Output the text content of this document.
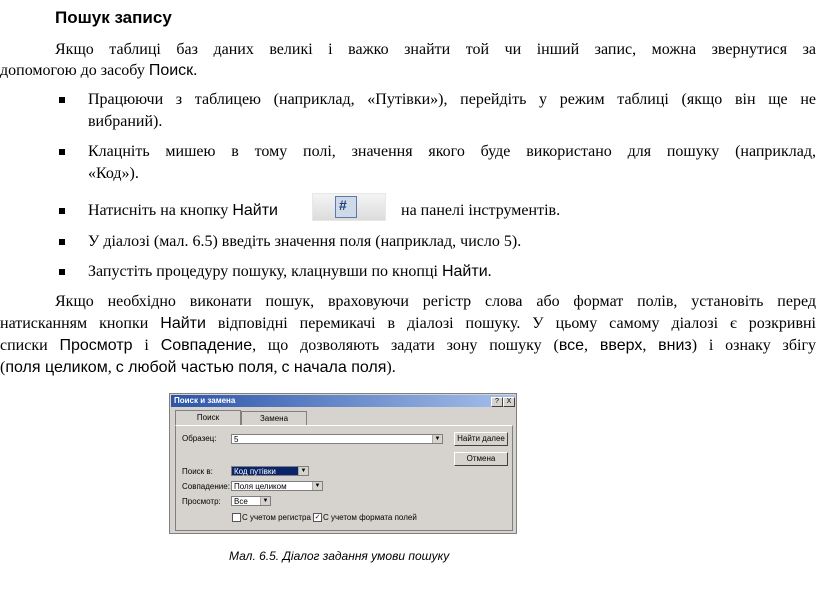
Пошук запису
Якщо таблиці баз даних великі і важко знайти той чи інший запис, можна звернутися за
допомогою до засобу Поиск.
Працюючи з таблицею (наприклад, «Путівки»), перейдіть у режим таблиці (якщо він ще не
вибраний).
Клацніть мишею в тому полі, значення якого буде використано для пошуку (наприклад,
«Код»).
Натисніть на кнопку Найти	#	на панелі інструментів.
У діалозі (мал. 6.5) введіть значення поля (наприклад, число 5).
Запустіть процедуру пошуку, клацнувши по кнопці Найти.
Якщо необхідно виконати пошук, враховуючи регістр слова або формат полів, установіть перед
натисканням кнопки Найти відповідні перемикачі в діалозі пошуку. У цьому самому діалозі є розкривні
списки Просмотр і Совпадение, що дозволяють задати зону пошуку (все, вверх, вниз) і ознаку збігу
(поля целиком, с любой частью поля, с начала поля).
Поиск и замена	?	X
Поиск	Замена
Образец:	5	▼	Найти далее
Отмена
Поиск в:	Код путівки	▼
Совпадение: Поля целиком	▼
Просмотр:	Все	▼
С учетом регистра ✓ С учетом формата полей
Мал. 6.5. Діалог задання умови пошуку
